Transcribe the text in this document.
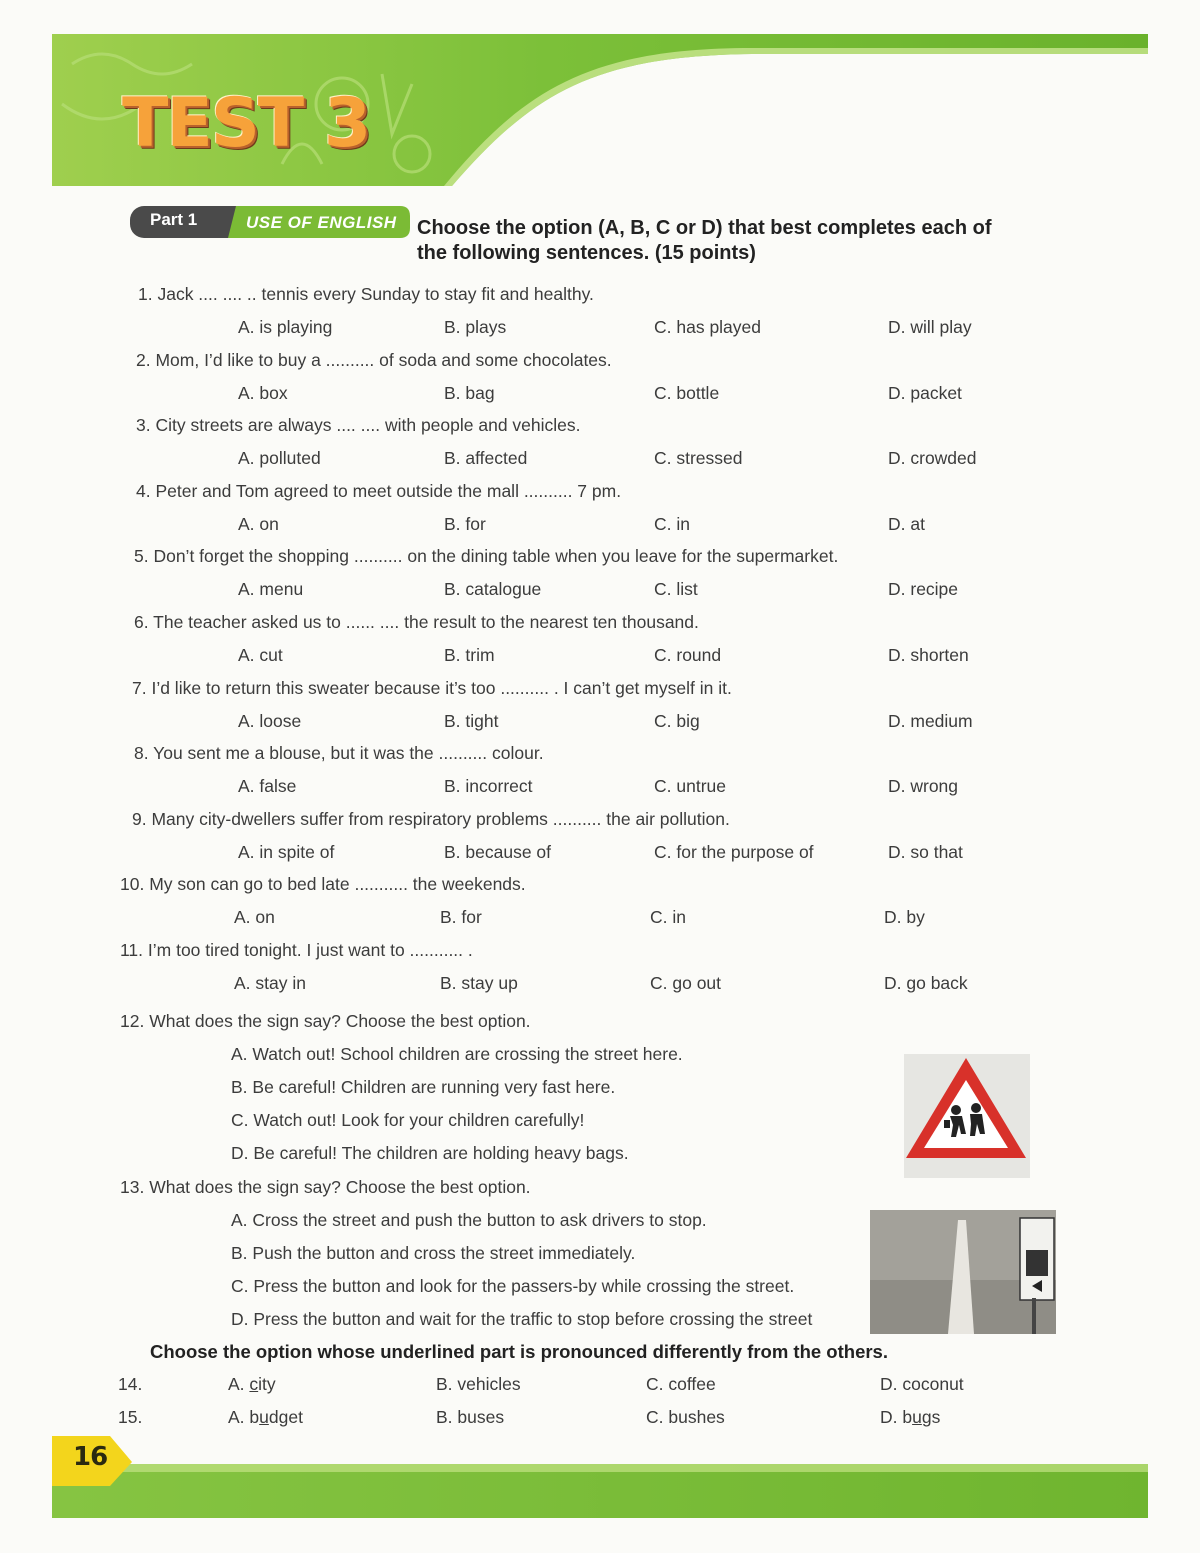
TEST 3
Part 1	USE OF ENGLISH Choose the option (A, B, C or D) that best completes each of the following sentences. (15 points)
1. Jack .... .... .. tennis every Sunday to stay fit and healthy.
A. is playing	B. plays	C. has played	D. will play
2. Mom, I’d like to buy a .......... of soda and some chocolates.
A. box	B. bag	C. bottle	D. packet
3. City streets are always .... .... with people and vehicles.
A. polluted	B. affected	C. stressed	D. crowded
4. Peter and Tom agreed to meet outside the mall .......... 7 pm.
A. on	B. for	C. in	D. at
5. Don’t forget the shopping .......... on the dining table when you leave for the supermarket.
A. menu	B. catalogue	C. list	D. recipe
6. The teacher asked us to ...... .... the result to the nearest ten thousand.
A. cut	B. trim	C. round	D. shorten
7. I’d like to return this sweater because it’s too .......... . I can’t get myself in it.
A. loose	B. tight	C. big	D. medium
8. You sent me a blouse, but it was the .......... colour.
A. false	B. incorrect	C. untrue	D. wrong
9. Many city-dwellers suffer from respiratory problems .......... the air pollution.
A. in spite of	B. because of	C. for the purpose of	D. so that
10. My son can go to bed late ........... the weekends.
A. on	B. for	C. in	D. by
11. I’m too tired tonight. I just want to ........... .
A. stay in	B. stay up	C. go out	D. go back
12. What does the sign say? Choose the best option.
A. Watch out! School children are crossing the street here.
B. Be careful! Children are running very fast here.
C. Watch out! Look for your children carefully!
D. Be careful! The children are holding heavy bags.
13. What does the sign say? Choose the best option.
A. Cross the street and push the button to ask drivers to stop.
B. Push the button and cross the street immediately.
C. Press the button and look for the passers-by while crossing the street.
D. Press the button and wait for the traffic to stop before crossing the street
Choose the option whose underlined part is pronounced differently from the others.
14.	A. city	B. vehicles	C. coffee	D. coconut
15.	A. budget	B. buses	C. bushes	D. bugs
16
